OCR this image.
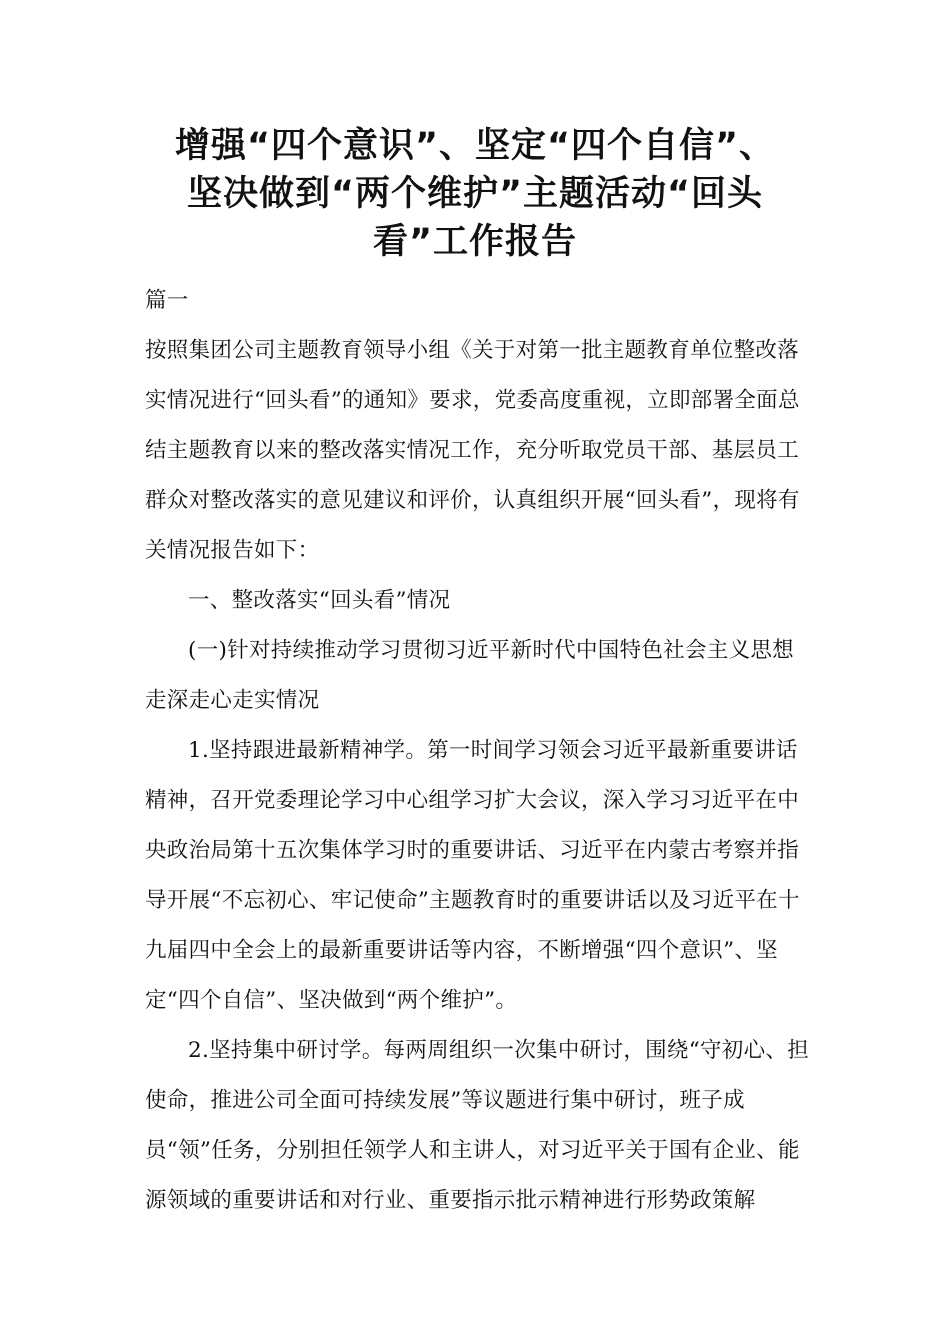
增强“四个意识”、坚定“四个自信”、
坚决做到“两个维护”主题活动“回头
看”工作报告

篇一

按照集团公司主题教育领导小组《关于对第一批主题教育单位整改落实情况进行“回头看”的通知》要求，党委高度重视，立即部署全面总结主题教育以来的整改落实情况工作，充分听取党员干部、基层员工群众对整改落实的意见建议和评价，认真组织开展“回头看”，现将有关情况报告如下：

一、整改落实“回头看”情况

(一)针对持续推动学习贯彻习近平新时代中国特色社会主义思想走深走心走实情况

1.坚持跟进最新精神学。第一时间学习领会习近平最新重要讲话精神，召开党委理论学习中心组学习扩大会议，深入学习习近平在中央政治局第十五次集体学习时的重要讲话、习近平在内蒙古考察并指导开展“不忘初心、牢记使命”主题教育时的重要讲话以及习近平在十九届四中全会上的最新重要讲话等内容，不断增强“四个意识”、坚定“四个自信”、坚决做到“两个维护”。

2.坚持集中研讨学。每两周组织一次集中研讨，围绕“守初心、担使命，推进公司全面可持续发展”等议题进行集中研讨，班子成员“领”任务，分别担任领学人和主讲人，对习近平关于国有企业、能源领域的重要讲话和对行业、重要指示批示精神进行形势政策解
